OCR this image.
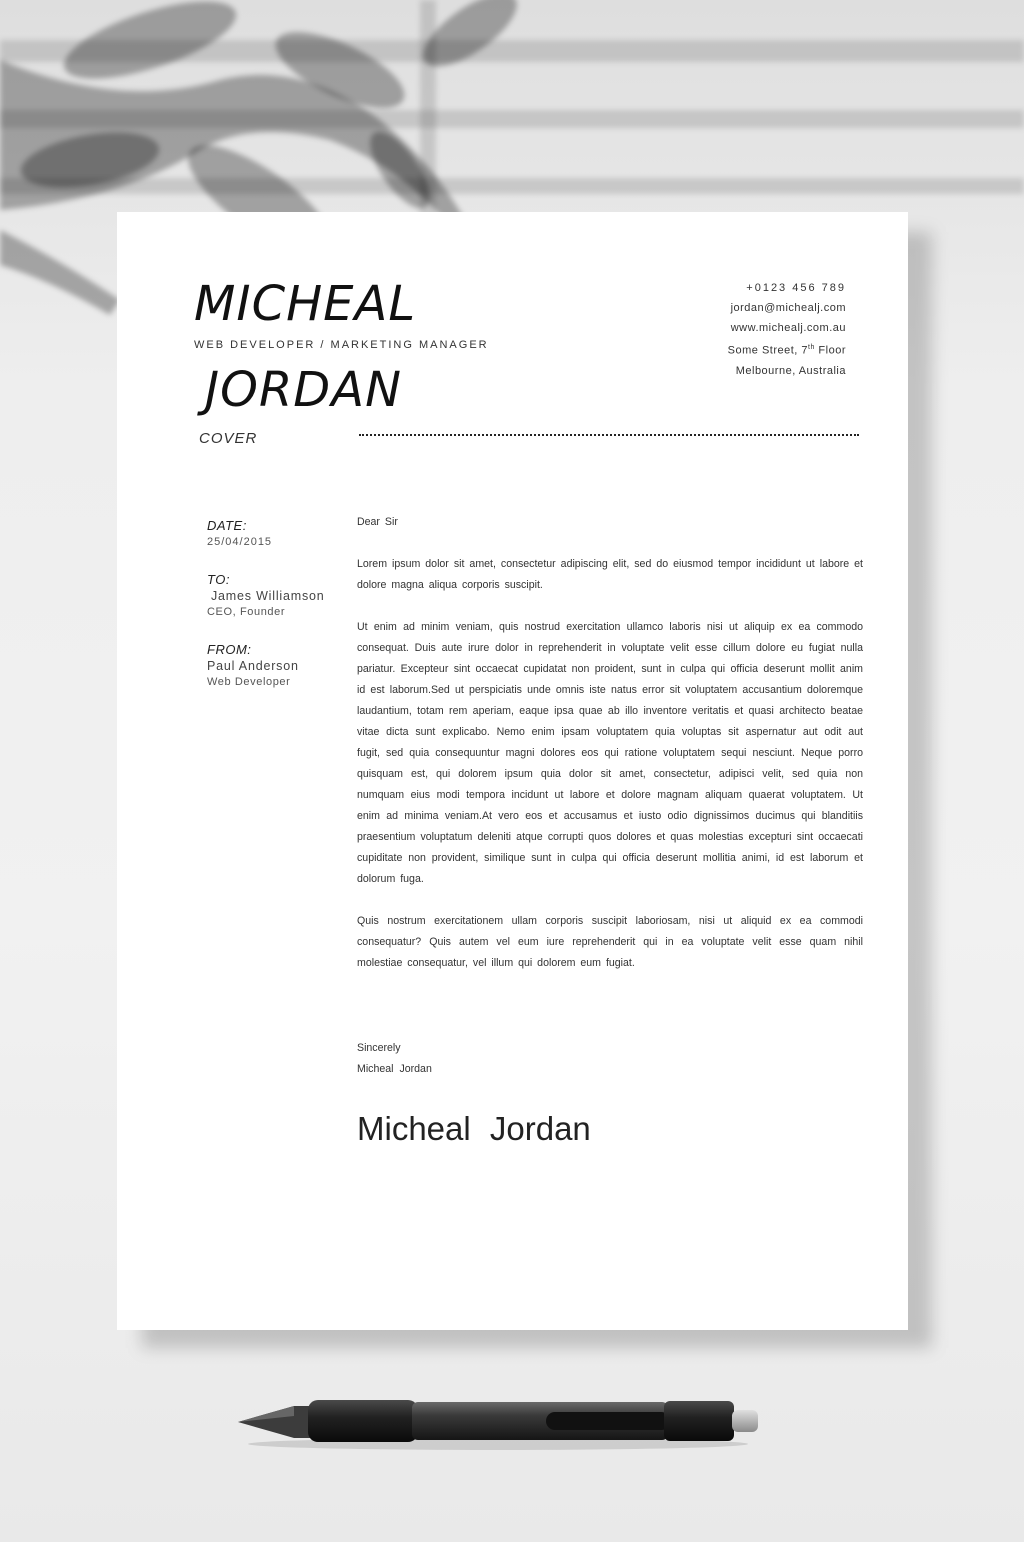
MICHEAL
JORDAN
WEB DEVELOPER / MARKETING MANAGER
+0123 456 789
jordan@michealj.com
www.michealj.com.au
Some Street, 7th Floor
Melbourne, Australia
COVER
DATE:
25/04/2015
TO:
James Williamson
CEO, Founder
FROM:
Paul Anderson
Web Developer

Dear Sir

Lorem ipsum dolor sit amet, consectetur adipiscing elit, sed do eiusmod tempor incididunt ut labore et dolore magna aliqua corporis suscipit.

Ut enim ad minim veniam, quis nostrud exercitation ullamco laboris nisi ut aliquip ex ea commodo consequat. Duis aute irure dolor in reprehenderit in voluptate velit esse cillum dolore eu fugiat nulla pariatur. Excepteur sint occaecat cupidatat non proident, sunt in culpa qui officia deserunt mollit anim id est laborum.Sed ut perspiciatis unde omnis iste natus error sit voluptatem accusantium doloremque laudantium, totam rem aperiam, eaque ipsa quae ab illo inventore veritatis et quasi architecto beatae vitae dicta sunt explicabo. Nemo enim ipsam voluptatem quia voluptas sit aspernatur aut odit aut fugit, sed quia consequuntur magni dolores eos qui ratione voluptatem sequi nesciunt. Neque porro quisquam est, qui dolorem ipsum quia dolor sit amet, consectetur, adipisci velit, sed quia non numquam eius modi tempora incidunt ut labore et dolore magnam aliquam quaerat voluptatem. Ut enim ad minima veniam.At vero eos et accusamus et iusto odio dignissimos ducimus qui blanditiis praesentium voluptatum deleniti atque corrupti quos dolores et quas molestias excepturi sint occaecati cupiditate non provident, similique sunt in culpa qui officia deserunt mollitia animi, id est laborum et dolorum fuga.

Quis nostrum exercitationem ullam corporis suscipit laboriosam, nisi ut aliquid ex ea commodi consequatur? Quis autem vel eum iure reprehenderit qui in ea voluptate velit esse quam nihil molestiae consequatur, vel illum qui dolorem eum fugiat.

Sincerely
Micheal Jordan
Micheal Jordan
